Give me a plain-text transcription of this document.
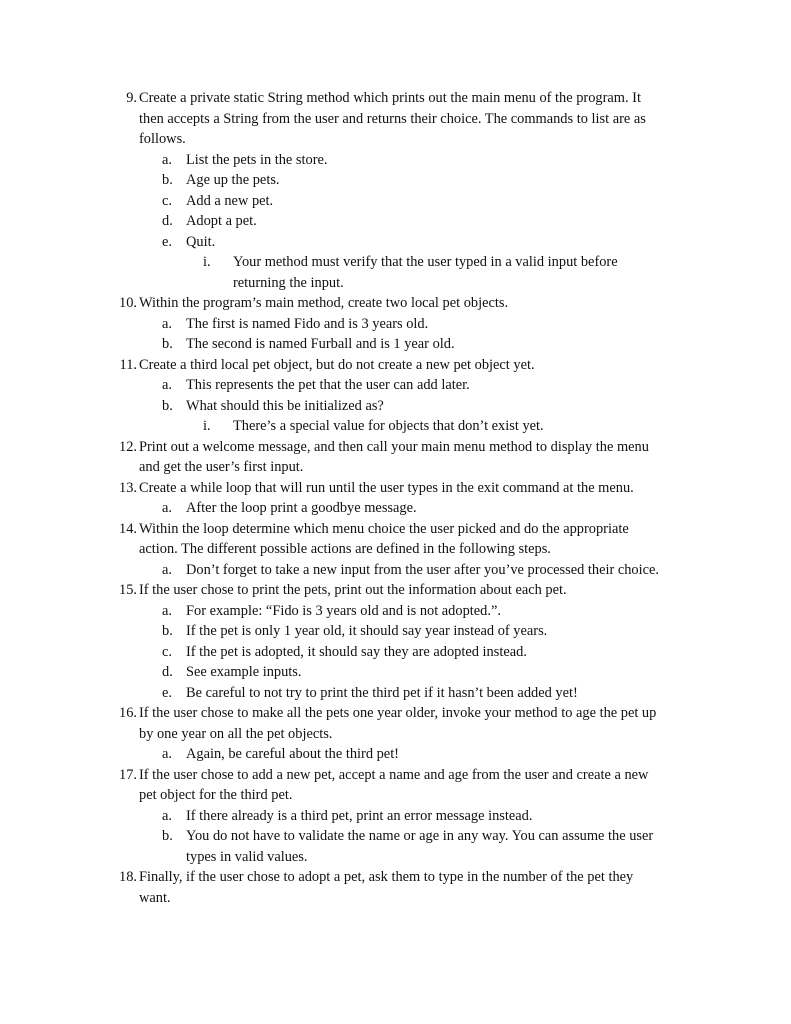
9. Create a private static String method which prints out the main menu of the program. It
then accepts a String from the user and returns their choice. The commands to list are as
follows.
a. List the pets in the store.
b. Age up the pets.
c. Add a new pet.
d. Adopt a pet.
e. Quit.
i. Your method must verify that the user typed in a valid input before
returning the input.
10. Within the program’s main method, create two local pet objects.
a. The first is named Fido and is 3 years old.
b. The second is named Furball and is 1 year old.
11. Create a third local pet object, but do not create a new pet object yet.
a. This represents the pet that the user can add later.
b. What should this be initialized as?
i. There’s a special value for objects that don’t exist yet.
12. Print out a welcome message, and then call your main menu method to display the menu
and get the user’s first input.
13. Create a while loop that will run until the user types in the exit command at the menu.
a. After the loop print a goodbye message.
14. Within the loop determine which menu choice the user picked and do the appropriate
action. The different possible actions are defined in the following steps.
a. Don’t forget to take a new input from the user after you’ve processed their choice.
15. If the user chose to print the pets, print out the information about each pet.
a. For example: “Fido is 3 years old and is not adopted.”.
b. If the pet is only 1 year old, it should say year instead of years.
c. If the pet is adopted, it should say they are adopted instead.
d. See example inputs.
e. Be careful to not try to print the third pet if it hasn’t been added yet!
16. If the user chose to make all the pets one year older, invoke your method to age the pet up
by one year on all the pet objects.
a. Again, be careful about the third pet!
17. If the user chose to add a new pet, accept a name and age from the user and create a new
pet object for the third pet.
a. If there already is a third pet, print an error message instead.
b. You do not have to validate the name or age in any way. You can assume the user
types in valid values.
18. Finally, if the user chose to adopt a pet, ask them to type in the number of the pet they
want.
